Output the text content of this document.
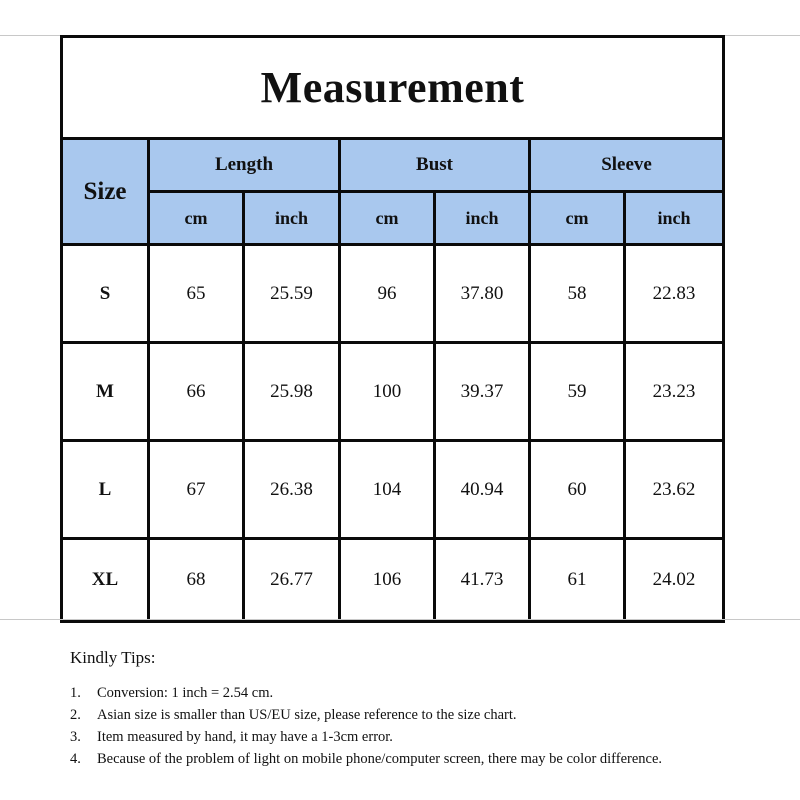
Measurement						
Size	Length		Bust		Sleeve	
	cm	inch	cm	inch	cm	inch
S	65	25.59	96	37.80	58	22.83
M	66	25.98	100	39.37	59	23.23
L	67	26.38	104	40.94	60	23.62
XL	68	26.77	106	41.73	61	24.02

Kindly Tips:

1. Conversion: 1 inch = 2.54 cm.
2. Asian size is smaller than US/EU size, please reference to the size chart.
3. Item measured by hand, it may have a 1-3cm error.
4. Because of the problem of light on mobile phone/computer screen, there may be color difference.
